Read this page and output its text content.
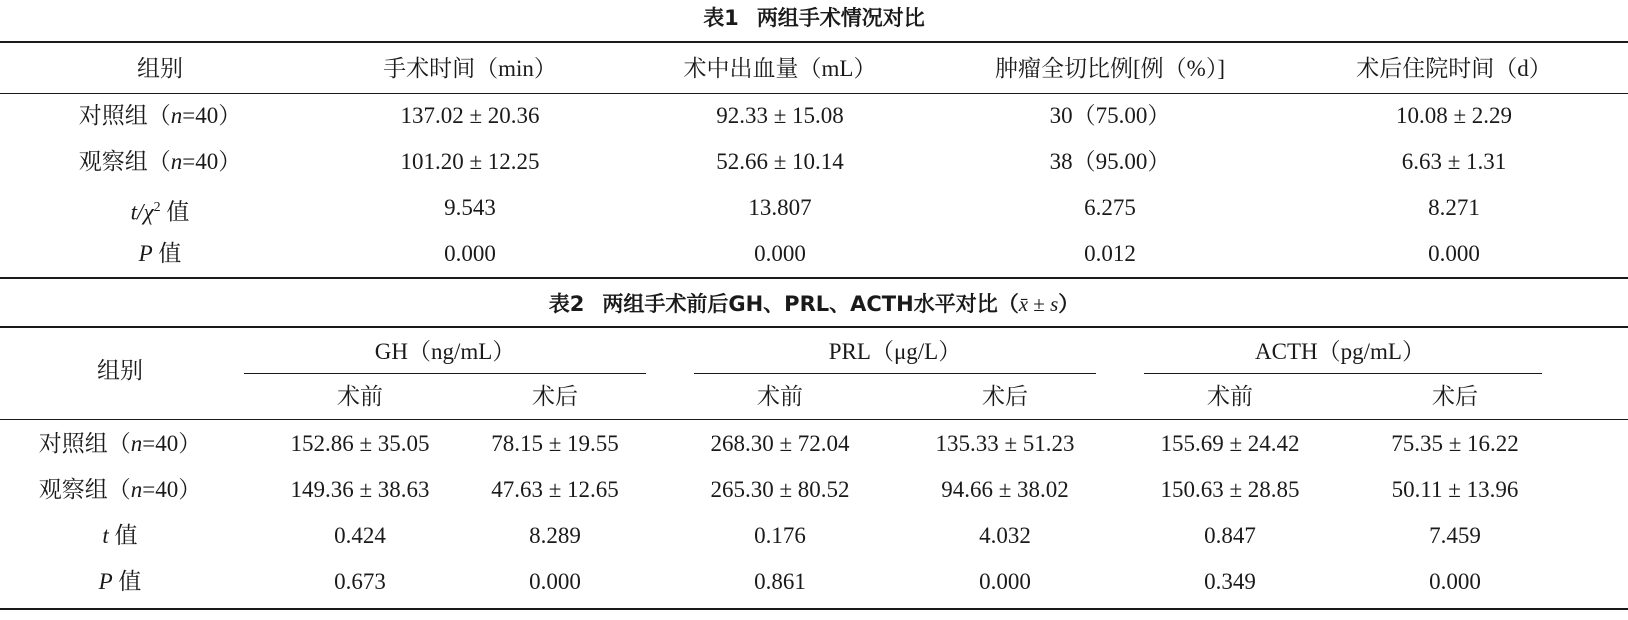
表1 两组手术情况对比
组别	手术时间（min）	术中出血量（mL）	肿瘤全切比例[例（%）]	术后住院时间（d）
对照组（n=40）	137.02 ± 20.36	92.33 ± 15.08	30（75.00）	10.08 ± 2.29
观察组（n=40）	101.20 ± 12.25	52.66 ± 10.14	38（95.00）	6.63 ± 1.31
$t/\chi^2$ 值	9.543	13.807	6.275	8.271
P 值	0.000	0.000	0.012	0.000
表2 两组手术前后GH、PRL、ACTH水平对比（x̄ ± s）
组别
GH（ng/mL）	PRL（μg/L）	ACTH（pg/mL）
术前	术后	术前	术后	术前	术后
对照组（n=40）	152.86 ± 35.05	78.15 ± 19.55	268.30 ± 72.04	135.33 ± 51.23	155.69 ± 24.42	75.35 ± 16.22
观察组（n=40）	149.36 ± 38.63	47.63 ± 12.65	265.30 ± 80.52	94.66 ± 38.02	150.63 ± 28.85	50.11 ± 13.96
t 值	0.424	8.289	0.176	4.032	0.847	7.459
P 值	0.673	0.000	0.861	0.000	0.349	0.000
